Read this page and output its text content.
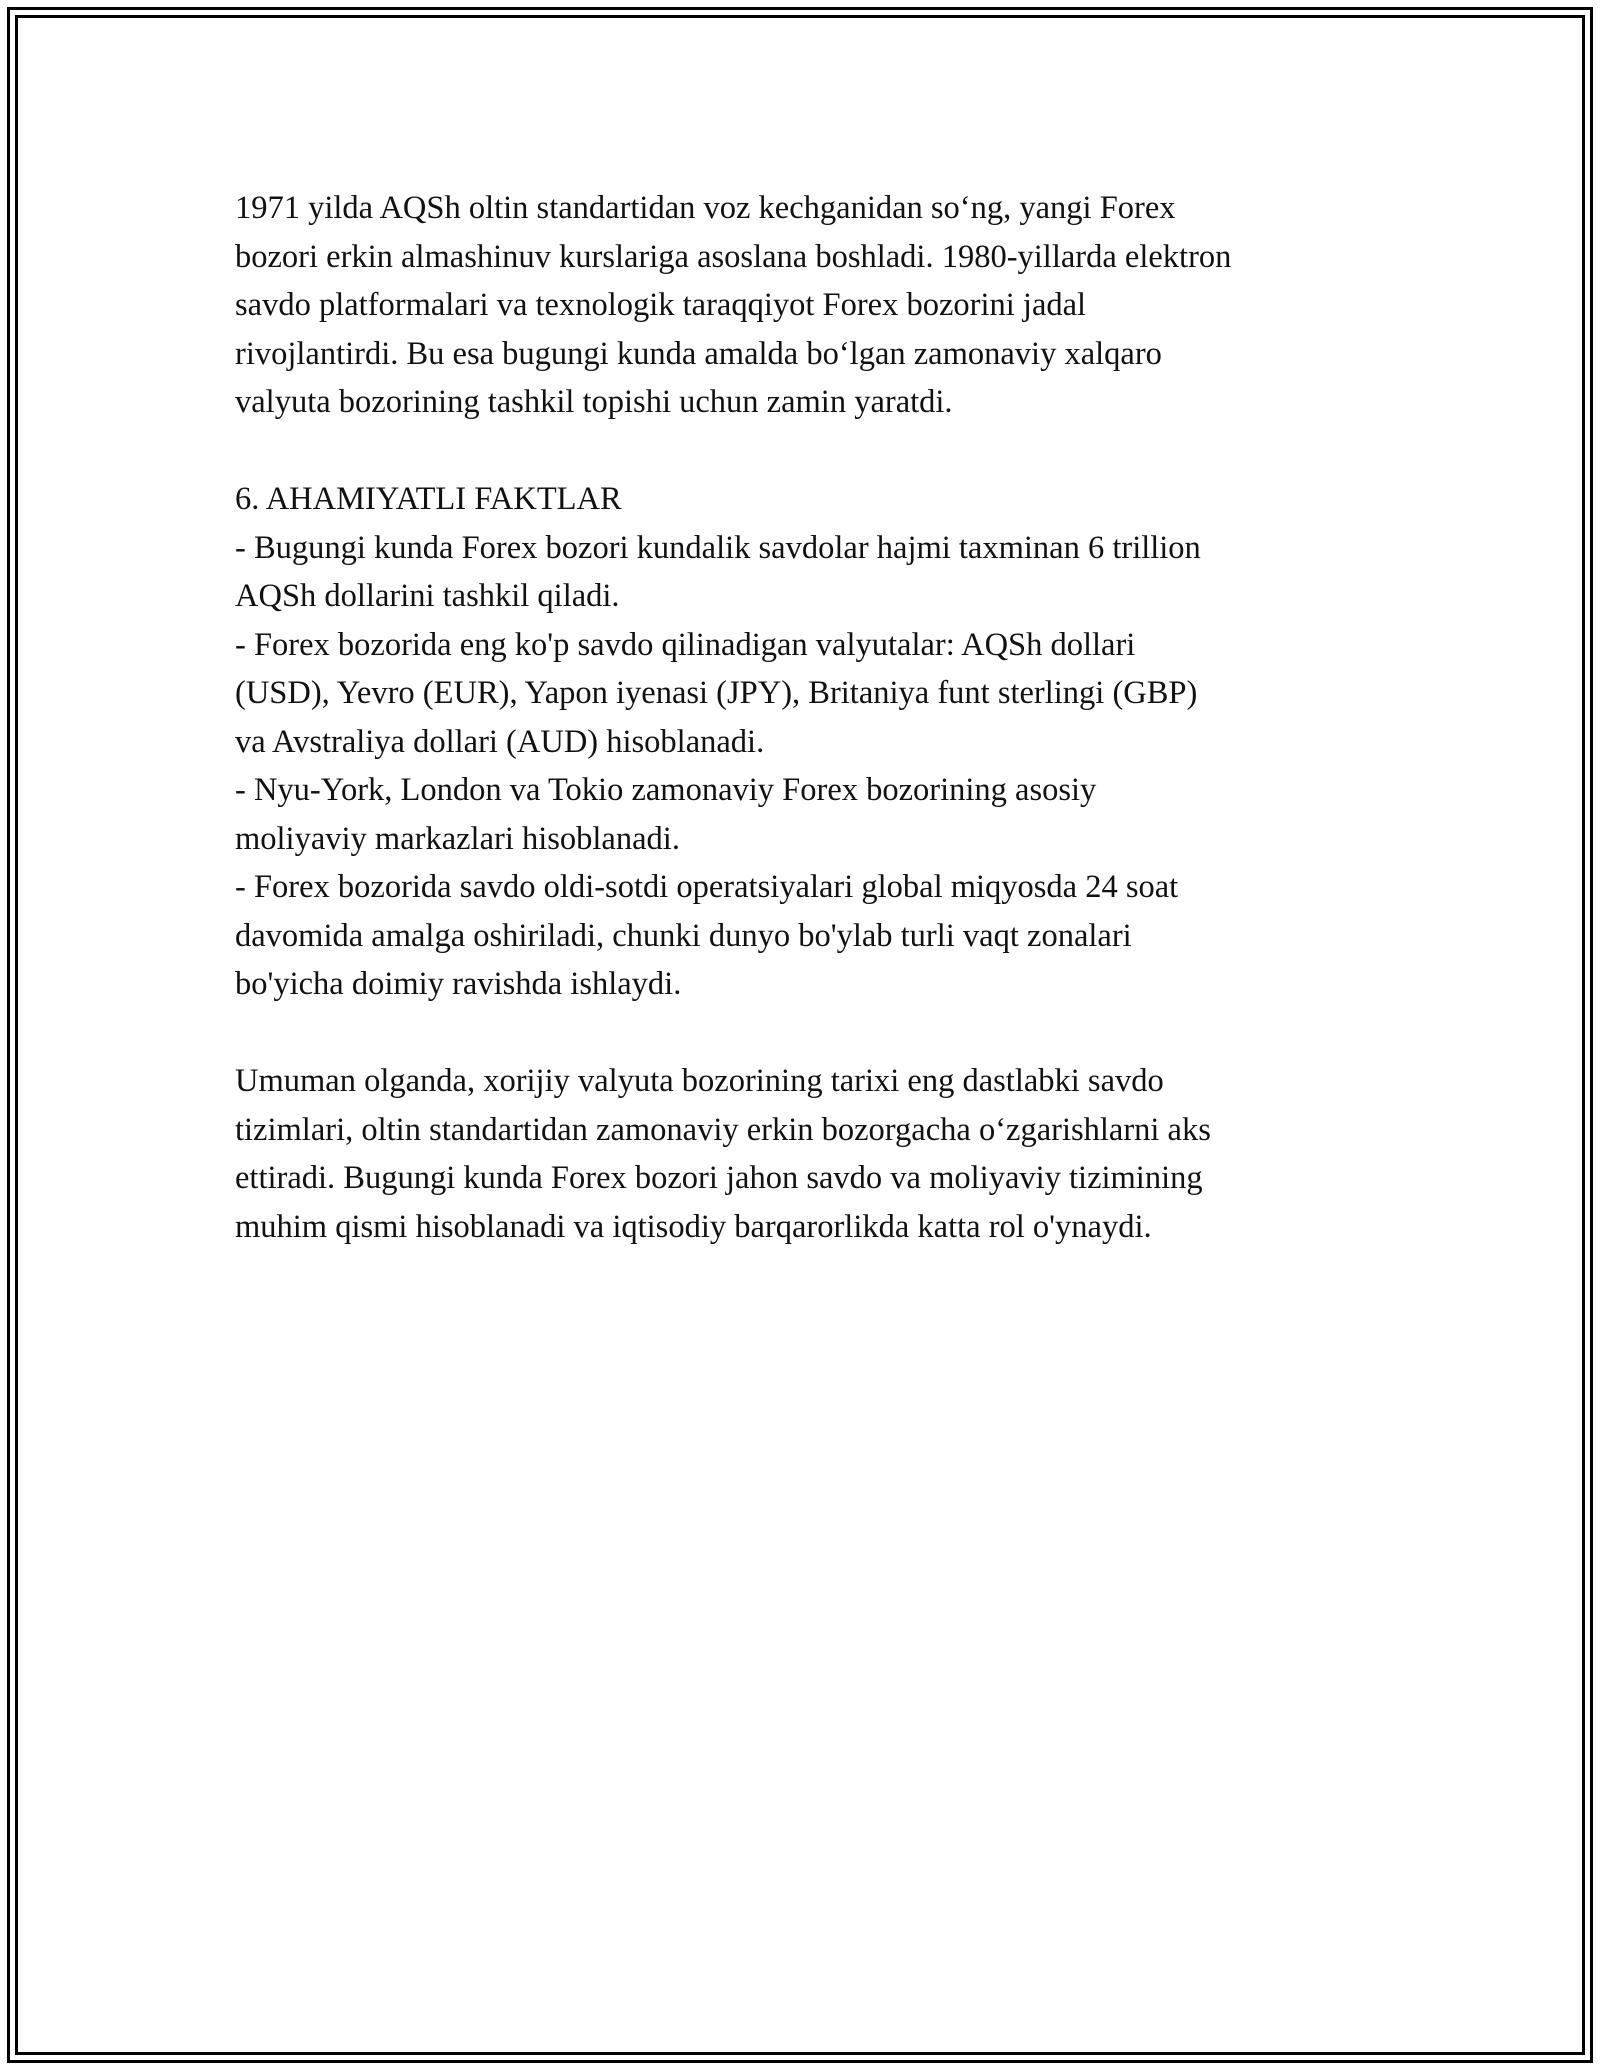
1971 yilda AQSh oltin standartidan voz kechganidan so‘ng, yangi Forex
bozori erkin almashinuv kurslariga asoslana boshladi. 1980-yillarda elektron
savdo platformalari va texnologik taraqqiyot Forex bozorini jadal
rivojlantirdi. Bu esa bugungi kunda amalda bo‘lgan zamonaviy xalqaro
valyuta bozorining tashkil topishi uchun zamin yaratdi.

6. AHAMIYATLI FAKTLAR

- Bugungi kunda Forex bozori kundalik savdolar hajmi taxminan 6 trillion
AQSh dollarini tashkil qiladi.
- Forex bozorida eng ko'p savdo qilinadigan valyutalar: AQSh dollari
(USD), Yevro (EUR), Yapon iyenasi (JPY), Britaniya funt sterlingi (GBP)
va Avstraliya dollari (AUD) hisoblanadi.
- Nyu-York, London va Tokio zamonaviy Forex bozorining asosiy
moliyaviy markazlari hisoblanadi.
- Forex bozorida savdo oldi-sotdi operatsiyalari global miqyosda 24 soat
davomida amalga oshiriladi, chunki dunyo bo'ylab turli vaqt zonalari
bo'yicha doimiy ravishda ishlaydi.

Umuman olganda, xorijiy valyuta bozorining tarixi eng dastlabki savdo
tizimlari, oltin standartidan zamonaviy erkin bozorgacha o‘zgarishlarni aks
ettiradi. Bugungi kunda Forex bozori jahon savdo va moliyaviy tizimining
muhim qismi hisoblanadi va iqtisodiy barqarorlikda katta rol o'ynaydi.
